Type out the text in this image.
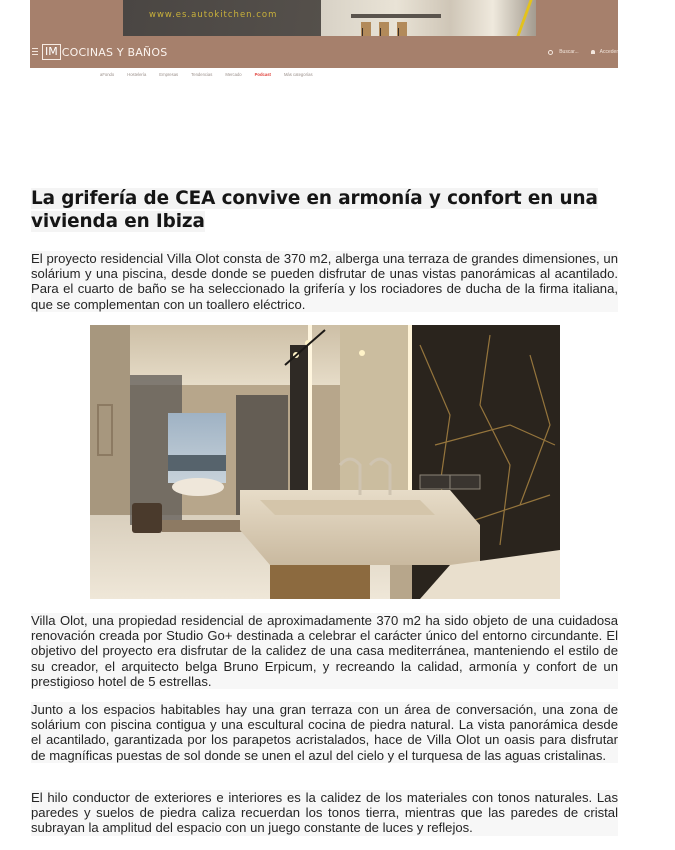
www.es.autokitchen.com
IM COCINAS Y BAÑOS	Buscar...	Acceder
aFondo	Hostelería	Empresas	Tendencias	Mercado	Podcast	Más categorías
La grifería de CEA convive en armonía y confort en una vivienda en Ibiza

El proyecto residencial Villa Olot consta de 370 m2, alberga una terraza de grandes dimensiones, un solárium y una piscina, desde donde se pueden disfrutar de unas vistas panorámicas al acantilado. Para el cuarto de baño se ha seleccionado la grifería y los rociadores de ducha de la firma italiana, que se complementan con un toallero eléctrico.

Villa Olot, una propiedad residencial de aproximadamente 370 m2 ha sido objeto de una cuidadosa renovación creada por Studio Go+ destinada a celebrar el carácter único del entorno circundante. El objetivo del proyecto era disfrutar de la calidez de una casa mediterránea, manteniendo el estilo de su creador, el arquitecto belga Bruno Erpicum, y recreando la calidad, armonía y confort de un prestigioso hotel de 5 estrellas.

Junto a los espacios habitables hay una gran terraza con un área de conversación, una zona de solárium con piscina contigua y una escultural cocina de piedra natural. La vista panorámica desde el acantilado, garantizada por los parapetos acristalados, hace de Villa Olot un oasis para disfrutar de magníficas puestas de sol donde se unen el azul del cielo y el turquesa de las aguas cristalinas.

El hilo conductor de exteriores e interiores es la calidez de los materiales con tonos naturales. Las paredes y suelos de piedra caliza recuerdan los tonos tierra, mientras que las paredes de cristal subrayan la amplitud del espacio con un juego constante de luces y reflejos.
